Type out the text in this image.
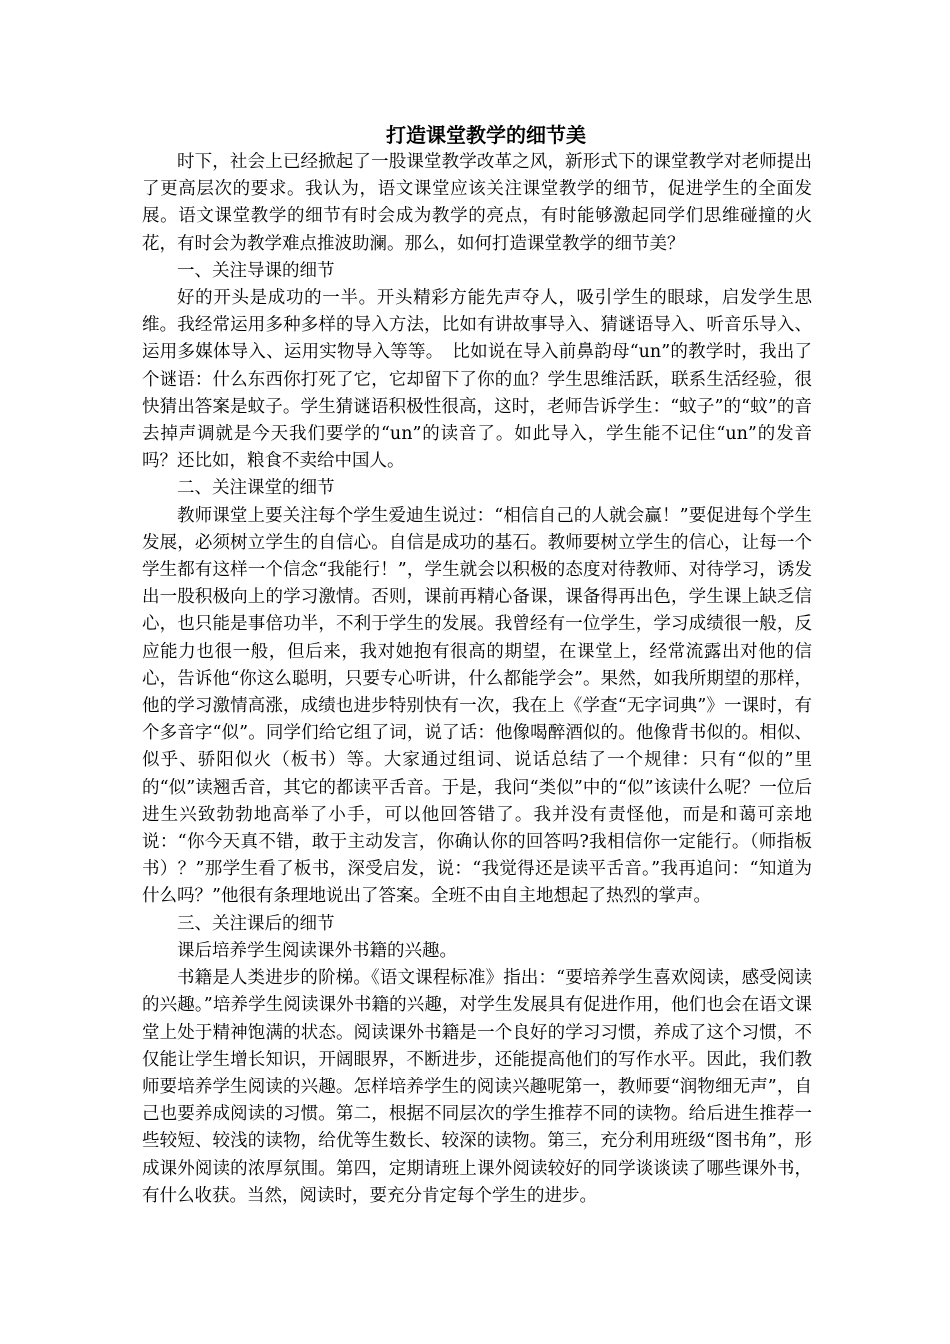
打造课堂教学的细节美

时下，社会上已经掀起了一股课堂教学改革之风，新形式下的课堂教学对老师提出了更高层次的要求。我认为，语文课堂应该关注课堂教学的细节，促进学生的全面发展。语文课堂教学的细节有时会成为教学的亮点，有时能够激起同学们思维碰撞的火花，有时会为教学难点推波助澜。那么，如何打造课堂教学的细节美？

一、关注导课的细节

好的开头是成功的一半。开头精彩方能先声夺人，吸引学生的眼球，启发学生思维。我经常运用多种多样的导入方法，比如有讲故事导入、猜谜语导入、听音乐导入、运用多媒体导入、运用实物导入等等。　比如说在导入前鼻韵母“un”的教学时，我出了个谜语：什么东西你打死了它，它却留下了你的血？学生思维活跃，联系生活经验，很快猜出答案是蚊子。学生猜谜语积极性很高，这时，老师告诉学生：“蚊子”的“蚊”的音去掉声调就是今天我们要学的“un”的读音了。如此导入，学生能不记住“un”的发音吗？还比如，粮食不卖给中国人。

二、关注课堂的细节

教师课堂上要关注每个学生爱迪生说过：“相信自己的人就会赢！”要促进每个学生发展，必须树立学生的自信心。自信是成功的基石。教师要树立学生的信心，让每一个学生都有这样一个信念“我能行！”，学生就会以积极的态度对待教师、对待学习，诱发出一股积极向上的学习激情。否则，课前再精心备课，课备得再出色，学生课上缺乏信心，也只能是事倍功半，不利于学生的发展。我曾经有一位学生，学习成绩很一般，反应能力也很一般，但后来，我对她抱有很高的期望，在课堂上，经常流露出对他的信心，告诉他“你这么聪明，只要专心听讲，什么都能学会”。果然，如我所期望的那样，他的学习激情高涨，成绩也进步特别快有一次，我在上《学查“无字词典”》一课时，有个多音字“似”。同学们给它组了词，说了话：他像喝醉酒似的。他像背书似的。相似、似乎、骄阳似火（板书）等。大家通过组词、说话总结了一个规律：只有“似的”里的“似”读翘舌音，其它的都读平舌音。于是，我问“类似”中的“似”该读什么呢？一位后进生兴致勃勃地高举了小手，可以他回答错了。我并没有责怪他，而是和蔼可亲地说：“你今天真不错，敢于主动发言，你确认你的回答吗?我相信你一定能行。（师指板书）？”那学生看了板书，深受启发，说：“我觉得还是读平舌音。”我再追问：“知道为什么吗？”他很有条理地说出了答案。全班不由自主地想起了热烈的掌声。

三、关注课后的细节

课后培养学生阅读课外书籍的兴趣。

书籍是人类进步的阶梯。《语文课程标准》指出：“要培养学生喜欢阅读，感受阅读的兴趣。”培养学生阅读课外书籍的兴趣，对学生发展具有促进作用，他们也会在语文课堂上处于精神饱满的状态。阅读课外书籍是一个良好的学习习惯，养成了这个习惯，不仅能让学生增长知识，开阔眼界，不断进步，还能提高他们的写作水平。因此，我们教师要培养学生阅读的兴趣。怎样培养学生的阅读兴趣呢第一，教师要“润物细无声”，自己也要养成阅读的习惯。第二，根据不同层次的学生推荐不同的读物。给后进生推荐一些较短、较浅的读物，给优等生数长、较深的读物。第三，充分利用班级“图书角”，形成课外阅读的浓厚氛围。第四，定期请班上课外阅读较好的同学谈谈读了哪些课外书，有什么收获。当然，阅读时，要充分肯定每个学生的进步。
